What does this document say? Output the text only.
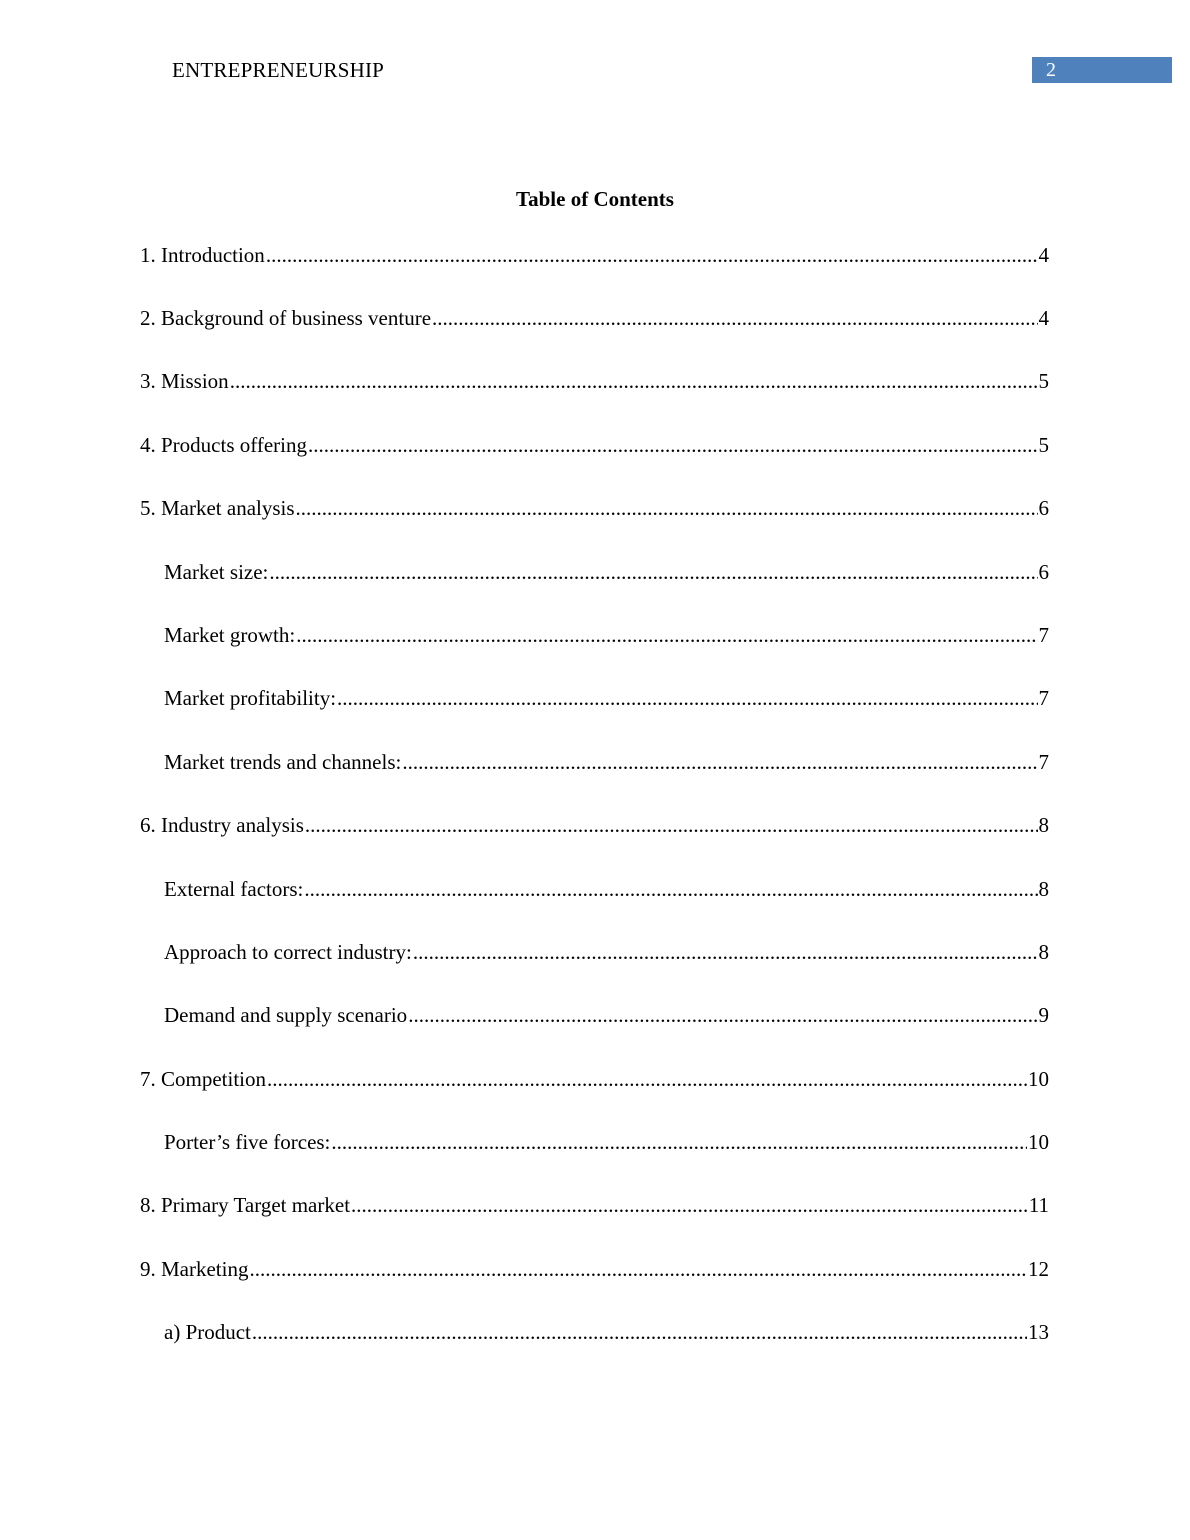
ENTREPRENEURSHIP	2
Table of Contents
1. Introduction .....	4
2. Background of business venture .....	4
3. Mission .....	5
4. Products offering .....	5
5. Market analysis .....	6
Market size: .....	6
Market growth: .....	7
Market profitability: .....	7
Market trends and channels: .....	7
6. Industry analysis .....	8
External factors: .....	8
Approach to correct industry: .....	8
Demand and supply scenario .....	9
7. Competition .....	10
Porter’s five forces: .....	10
8. Primary Target market .....	11
9. Marketing .....	12
a) Product .....	13
